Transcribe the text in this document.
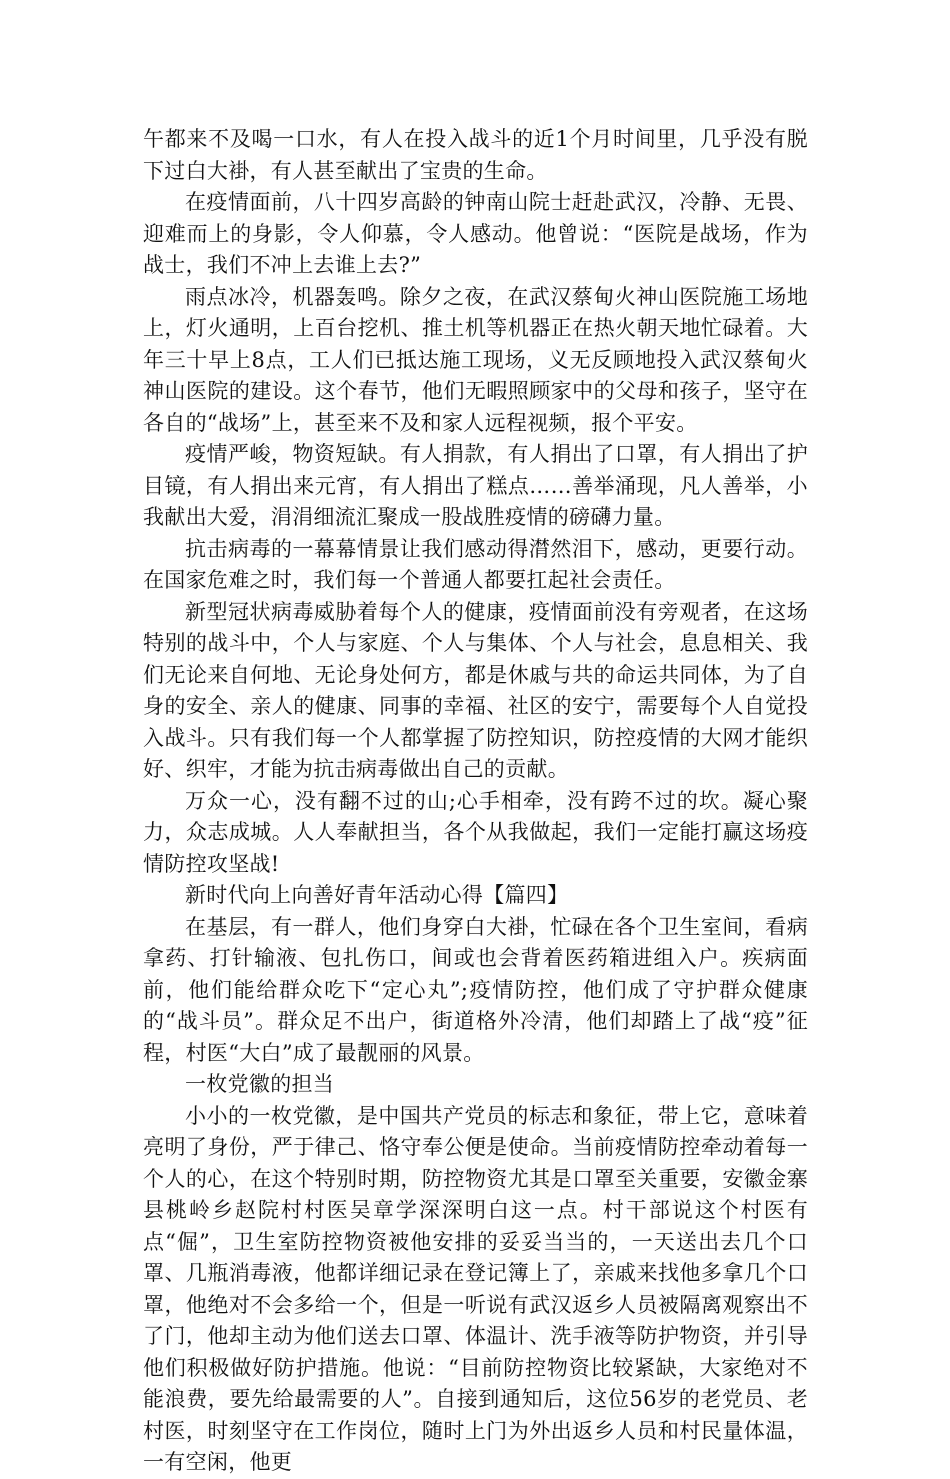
午都来不及喝一口水，有人在投入战斗的近1个月时间里，几乎没有脱下过白大褂，有人甚至献出了宝贵的生命。

在疫情面前，八十四岁高龄的钟南山院士赶赴武汉，冷静、无畏、迎难而上的身影，令人仰慕，令人感动。他曾说：“医院是战场，作为战士，我们不冲上去谁上去?”

雨点冰冷，机器轰鸣。除夕之夜，在武汉蔡甸火神山医院施工场地上，灯火通明，上百台挖机、推土机等机器正在热火朝天地忙碌着。大年三十早上8点，工人们已抵达施工现场，义无反顾地投入武汉蔡甸火神山医院的建设。这个春节，他们无暇照顾家中的父母和孩子，坚守在各自的“战场”上，甚至来不及和家人远程视频，报个平安。

疫情严峻，物资短缺。有人捐款，有人捐出了口罩，有人捐出了护目镜，有人捐出来元宵，有人捐出了糕点……善举涌现，凡人善举，小我献出大爱，涓涓细流汇聚成一股战胜疫情的磅礴力量。

抗击病毒的一幕幕情景让我们感动得潸然泪下，感动，更要行动。在国家危难之时，我们每一个普通人都要扛起社会责任。

新型冠状病毒威胁着每个人的健康，疫情面前没有旁观者，在这场特别的战斗中，个人与家庭、个人与集体、个人与社会，息息相关、我们无论来自何地、无论身处何方，都是休戚与共的命运共同体，为了自身的安全、亲人的健康、同事的幸福、社区的安宁，需要每个人自觉投入战斗。只有我们每一个人都掌握了防控知识，防控疫情的大网才能织好、织牢，才能为抗击病毒做出自己的贡献。

万众一心，没有翻不过的山;心手相牵，没有跨不过的坎。凝心聚力，众志成城。人人奉献担当，各个从我做起，我们一定能打赢这场疫情防控攻坚战!

新时代向上向善好青年活动心得【篇四】

在基层，有一群人，他们身穿白大褂，忙碌在各个卫生室间，看病拿药、打针输液、包扎伤口，间或也会背着医药箱进组入户。疾病面前，他们能给群众吃下“定心丸”;疫情防控，他们成了守护群众健康的“战斗员”。群众足不出户，街道格外冷清，他们却踏上了战“疫”征程，村医“大白”成了最靓丽的风景。

一枚党徽的担当

小小的一枚党徽，是中国共产党员的标志和象征，带上它，意味着亮明了身份，严于律己、恪守奉公便是使命。当前疫情防控牵动着每一个人的心，在这个特别时期，防控物资尤其是口罩至关重要，安徽金寨县桃岭乡赵院村村医吴章学深深明白这一点。村干部说这个村医有点“倔”，卫生室防控物资被他安排的妥妥当当的，一天送出去几个口罩、几瓶消毒液，他都详细记录在登记簿上了，亲戚来找他多拿几个口罩，他绝对不会多给一个，但是一听说有武汉返乡人员被隔离观察出不了门，他却主动为他们送去口罩、体温计、洗手液等防护物资，并引导他们积极做好防护措施。他说：“目前防控物资比较紧缺，大家绝对不能浪费，要先给最需要的人”。自接到通知后，这位56岁的老党员、老村医，时刻坚守在工作岗位，随时上门为外出返乡人员和村民量体温，一有空闲，他更
